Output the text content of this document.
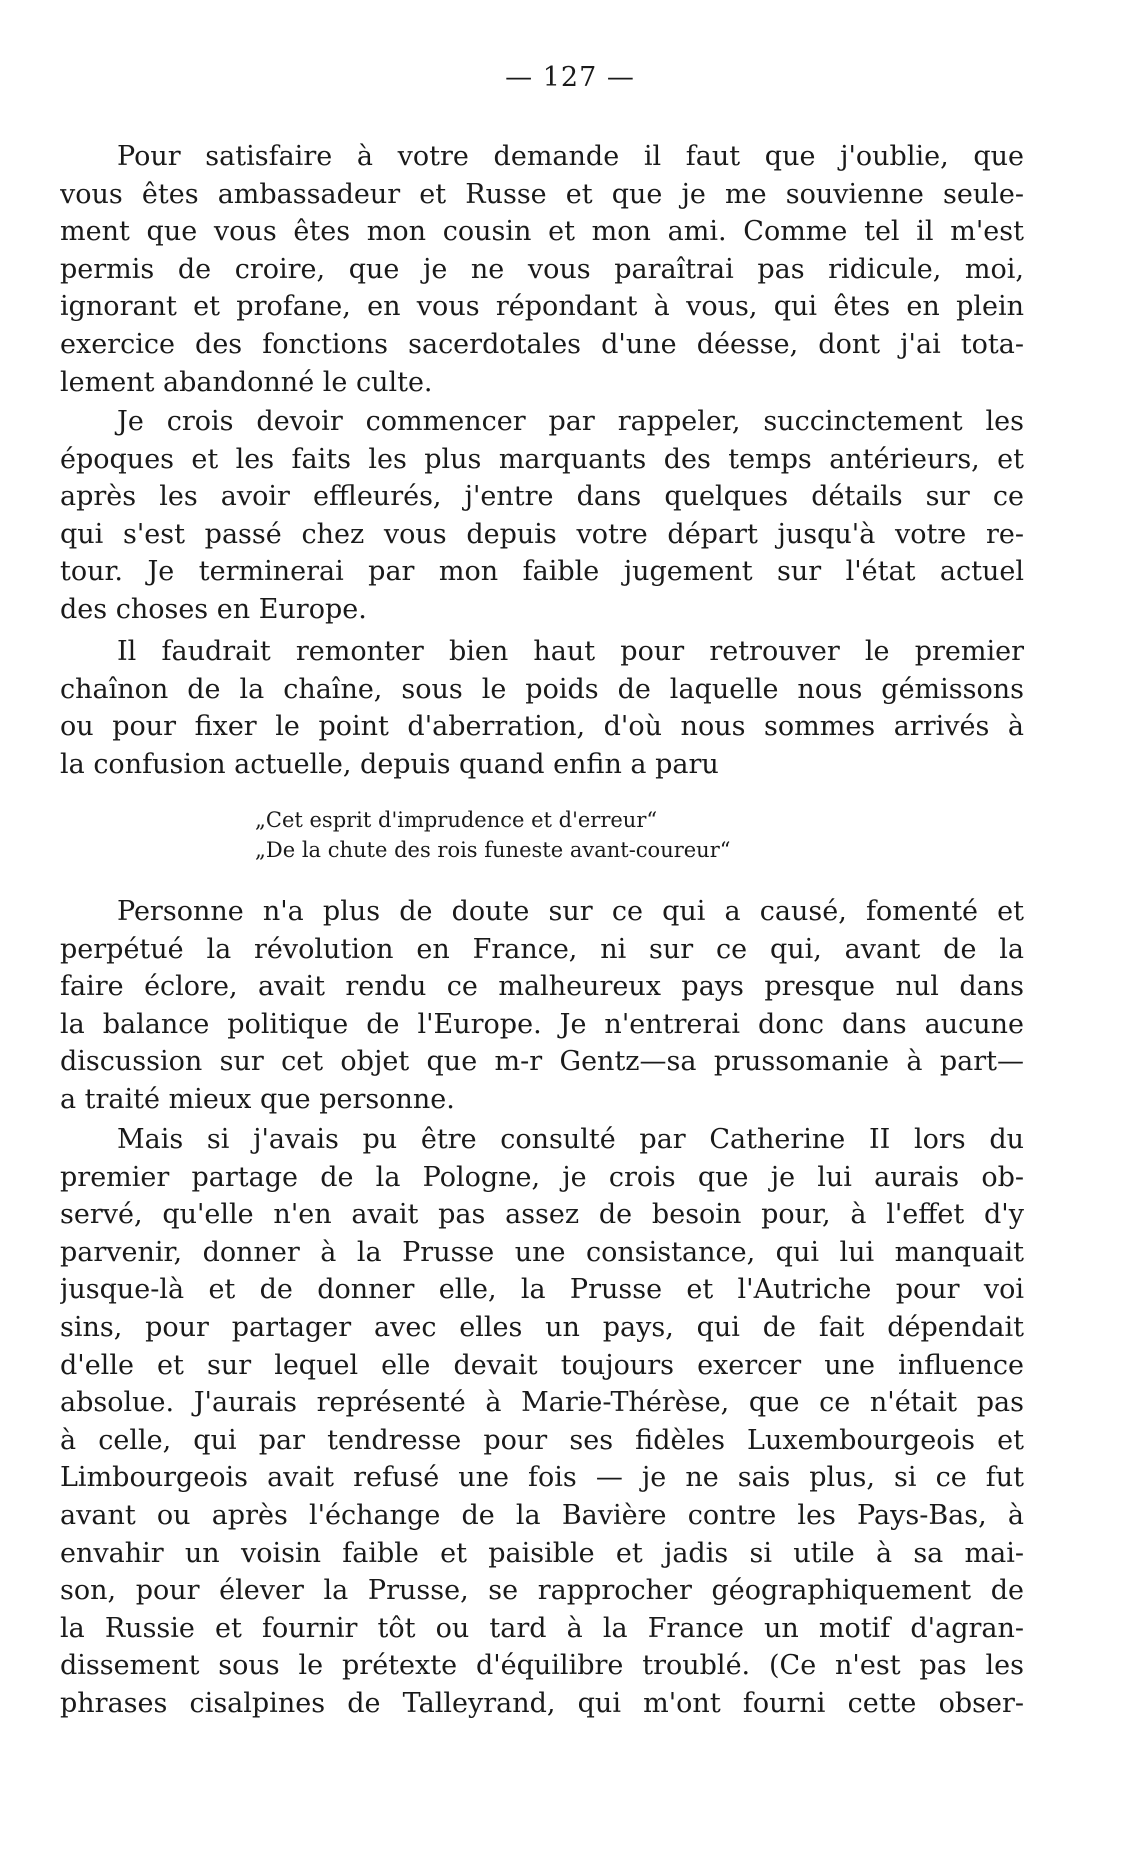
— 127 —

Pour satisfaire à votre demande il faut que j'oublie, que
vous êtes ambassadeur et Russe et que je me souvienne seule-
ment que vous êtes mon cousin et mon ami. Comme tel il m'est
permis de croire, que je ne vous paraîtrai pas ridicule, moi,
ignorant et profane, en vous répondant à vous, qui êtes en plein
exercice des fonctions sacerdotales d'une déesse, dont j'ai tota-
lement abandonné le culte.

Je crois devoir commencer par rappeler, succinctement les
époques et les faits les plus marquants des temps antérieurs, et
après les avoir effleurés, j'entre dans quelques détails sur ce
qui s'est passé chez vous depuis votre départ jusqu'à votre re-
tour. Je terminerai par mon faible jugement sur l'état actuel
des choses en Europe.

Il faudrait remonter bien haut pour retrouver le premier
chaînon de la chaîne, sous le poids de laquelle nous gémissons
ou pour fixer le point d'aberration, d'où nous sommes arrivés à
la confusion actuelle, depuis quand enfin a paru

„Cet esprit d'imprudence et d'erreur“
„De la chute des rois funeste avant-coureur“

Personne n'a plus de doute sur ce qui a causé, fomenté et
perpétué la révolution en France, ni sur ce qui, avant de la
faire éclore, avait rendu ce malheureux pays presque nul dans
la balance politique de l'Europe. Je n'entrerai donc dans aucune
discussion sur cet objet que m-r Gentz—sa prussomanie à part—
a traité mieux que personne.

Mais si j'avais pu être consulté par Catherine II lors du
premier partage de la Pologne, je crois que je lui aurais ob-
servé, qu'elle n'en avait pas assez de besoin pour, à l'effet d'y
parvenir, donner à la Prusse une consistance, qui lui manquait
jusque-là et de donner elle, la Prusse et l'Autriche pour voi
sins, pour partager avec elles un pays, qui de fait dépendait
d'elle et sur lequel elle devait toujours exercer une influence
absolue. J'aurais représenté à Marie-Thérèse, que ce n'était pas
à celle, qui par tendresse pour ses fidèles Luxembourgeois et
Limbourgeois avait refusé une fois — je ne sais plus, si ce fut
avant ou après l'échange de la Bavière contre les Pays-Bas, à
envahir un voisin faible et paisible et jadis si utile à sa mai-
son, pour élever la Prusse, se rapprocher géographiquement de
la Russie et fournir tôt ou tard à la France un motif d'agran-
dissement sous le prétexte d'équilibre troublé. (Ce n'est pas les
phrases cisalpines de Talleyrand, qui m'ont fourni cette obser-
